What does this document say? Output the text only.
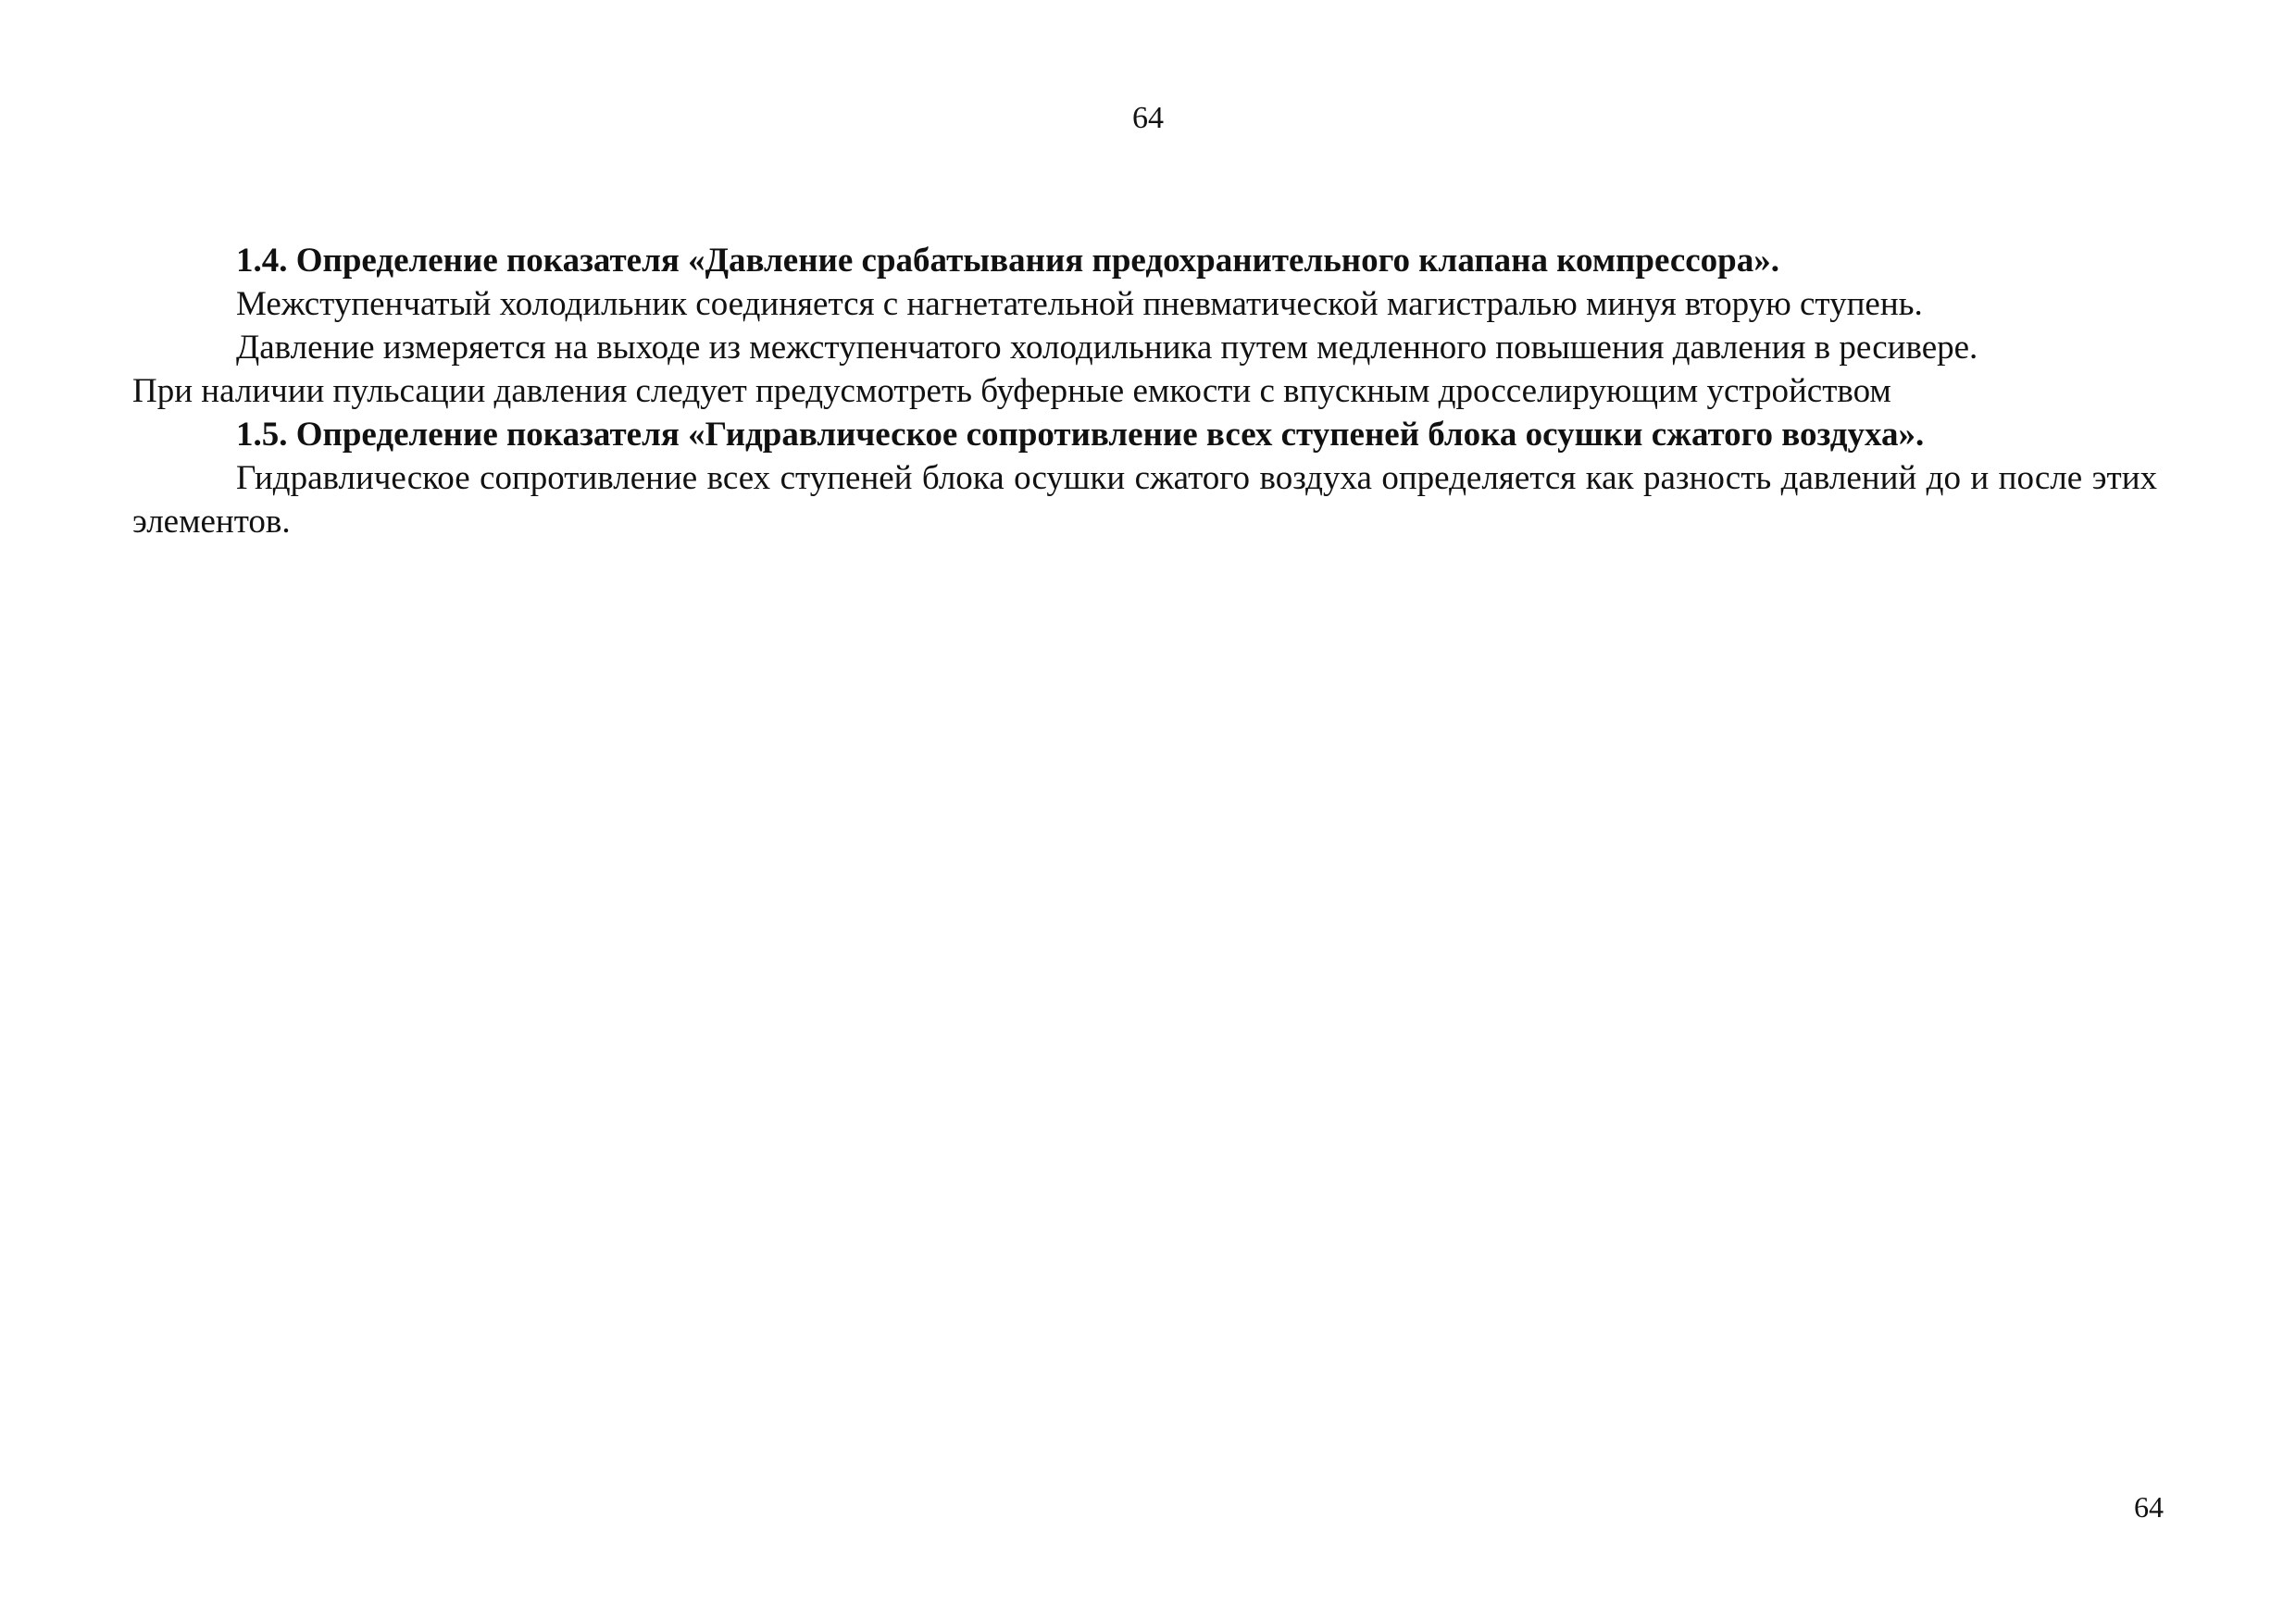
64

1.4. Определение показателя «Давление срабатывания предохранительного клапана компрессора».

Межступенчатый холодильник соединяется с нагнетательной пневматической магистралью минуя вторую ступень.

Давление измеряется на выходе из межступенчатого холодильника путем медленного повышения давления в ресивере.

При наличии пульсации давления следует предусмотреть буферные емкости с впускным дросселирующим устройством

1.5. Определение показателя «Гидравлическое сопротивление всех ступеней блока осушки сжатого воздуха».

Гидравлическое сопротивление всех ступеней блока осушки сжатого воздуха определяется как разность давлений до и после этих элементов.

64
